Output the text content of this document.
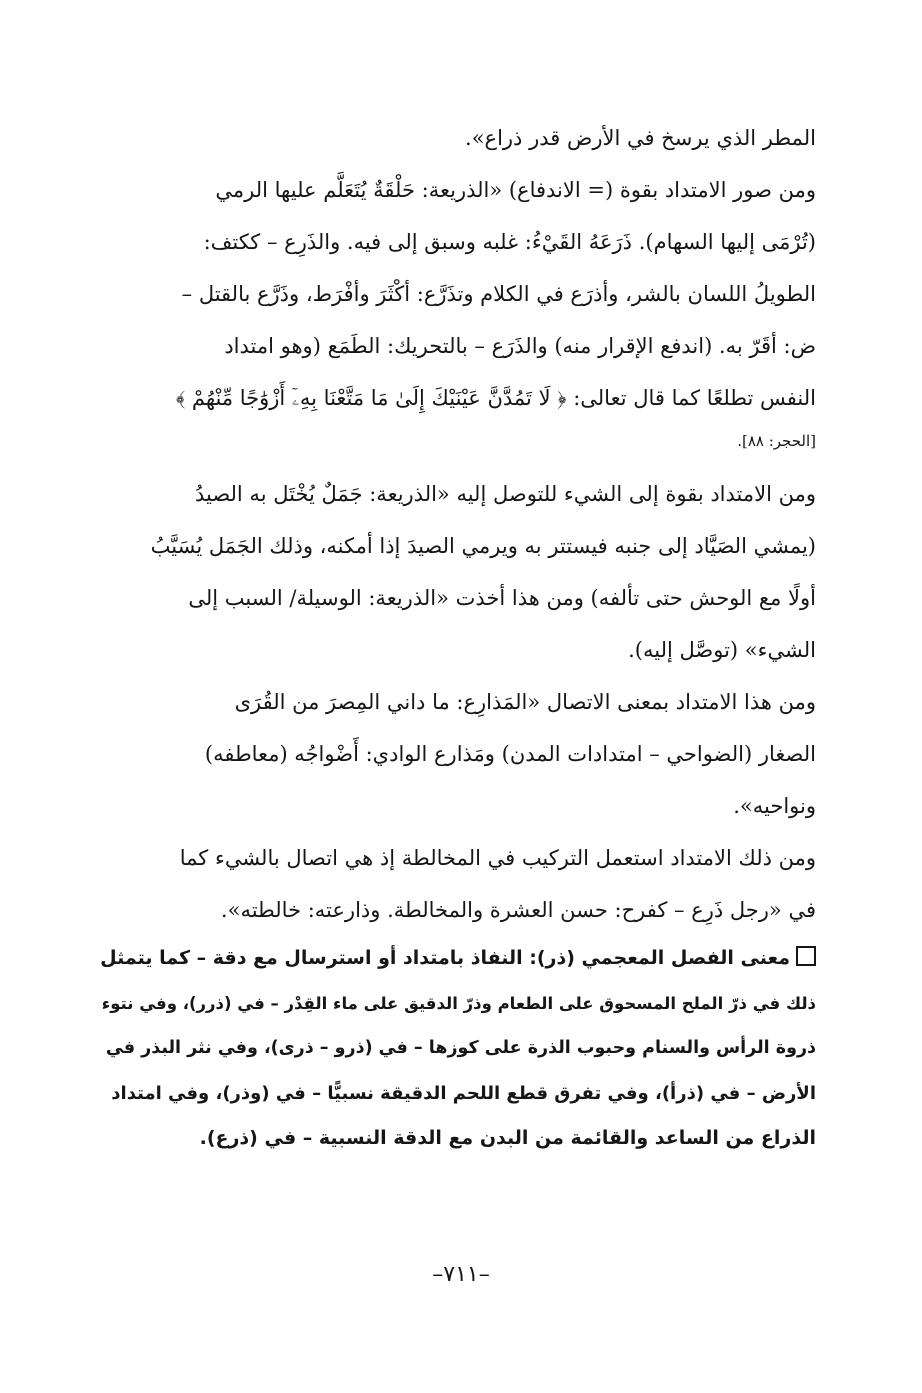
المطر الذي يرسخ في الأرض قدر ذراع».

ومن صور الامتداد بقوة (= الاندفاع) «الذريعة: حَلْقَةٌ يُتَعَلَّم عليها الرمي
(تُرْمَى إليها السهام). ذَرَعَهُ القَيْءُ: غلبه وسبق إلى فيه. والذَرِع – ككتف:
الطويلُ اللسان بالشر، وأذرَع في الكلام وتذَرَّع: أكْثَرَ وأفْرَط، وذَرَّع بالقتل –
ض: أقَرّ به. (اندفع الإقرار منه) والذَرَع – بالتحريك: الطَمَع (وهو امتداد
النفس تطلعًا كما قال تعالى: ﴿ لَا تَمُدَّنَّ عَيْنَيْكَ إِلَىٰ مَا مَتَّعْنَا بِهِۦٓ أَزْوَٰجًا مِّنْهُمْ ﴾
[الحجر: ٨٨].

ومن الامتداد بقوة إلى الشيء للتوصل إليه «الذريعة: جَمَلٌ يُخْتَل به الصيدُ
(يمشي الصَيَّاد إلى جنبه فيستتر به ويرمي الصيدَ إذا أمكنه، وذلك الجَمَل يُسَيَّبُ
أولًا مع الوحش حتى تألفه) ومن هذا أخذت «الذريعة: الوسيلة/ السبب إلى
الشيء» (توصَّل إليه).

ومن هذا الامتداد بمعنى الاتصال «المَذارِع: ما داني المِصرَ من القُرَى
الصغار (الضواحي – امتدادات المدن) ومَذارع الوادي: أَضْواجُه (معاطفه)
ونواحيه».

ومن ذلك الامتداد استعمل التركيب في المخالطة إذ هي اتصال بالشيء كما
في «رجل ذَرِع – كفرح: حسن العشرة والمخالطة. وذارعته: خالطته».

معنى الفصل المعجمي (ذر): النفاذ بامتداد أو استرسال مع دقة – كما يتمثل
ذلك في ذرّ الملح المسحوق على الطعام وذرّ الدقيق على ماء القِدْر – في (ذرر)، وفي نتوء
ذروة الرأس والسنام وحبوب الذرة على كوزها – في (ذرو – ذرى)، وفي نثر البذر في
الأرض – في (ذرأ)، وفي تفرق قطع اللحم الدقيقة نسبيًّا – في (وذر)، وفي امتداد
الذراع من الساعد والقائمة من البدن مع الدقة النسبية – في (ذرع).

–٧١١–
